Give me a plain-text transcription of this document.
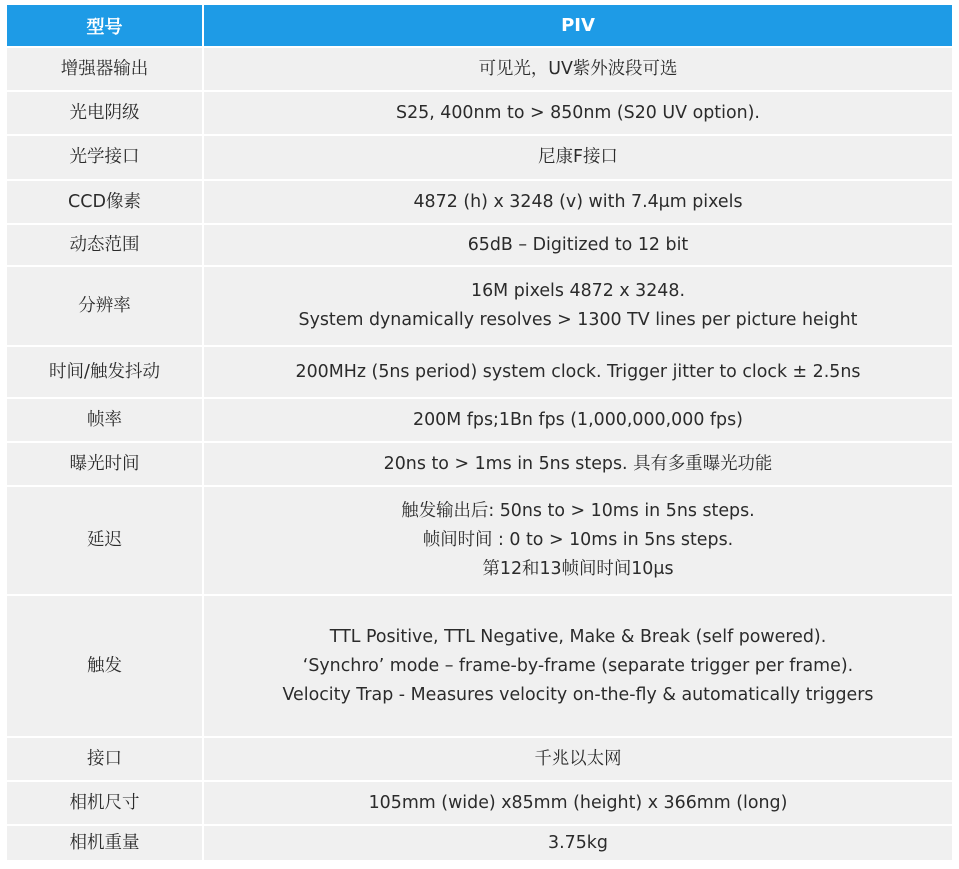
型号	PIV
增强器输出	可见光，UV紫外波段可选

光电阴级	S25, 400nm to > 850nm (S20 UV option).

光学接口	尼康F接口

CCD像素	4872 (h) x 3248 (v) with 7.4μm pixels

动态范围	65dB – Digitized to 12 bit

分辨率	16M pixels 4872 x 3248.
System dynamically resolves > 1300 TV lines per picture height

时间/触发抖动	200MHz (5ns period) system clock. Trigger jitter to clock ± 2.5ns

帧率	200M fps;1Bn fps (1,000,000,000 fps)

曝光时间	20ns to > 1ms in 5ns steps. 具有多重曝光功能

延迟	触发输出后: 50ns to > 10ms in 5ns steps.
帧间时间 : 0 to > 10ms in 5ns steps.
第12和13帧间时间10μs

触发	TTL Positive, TTL Negative, Make & Break (self powered).
‘Synchro’ mode – frame-by-frame (separate trigger per frame).
Velocity Trap - Measures velocity on-the-fly & automatically triggers

接口	千兆以太网

相机尺寸	105mm (wide) x85mm (height) x 366mm (long)

相机重量	3.75kg
